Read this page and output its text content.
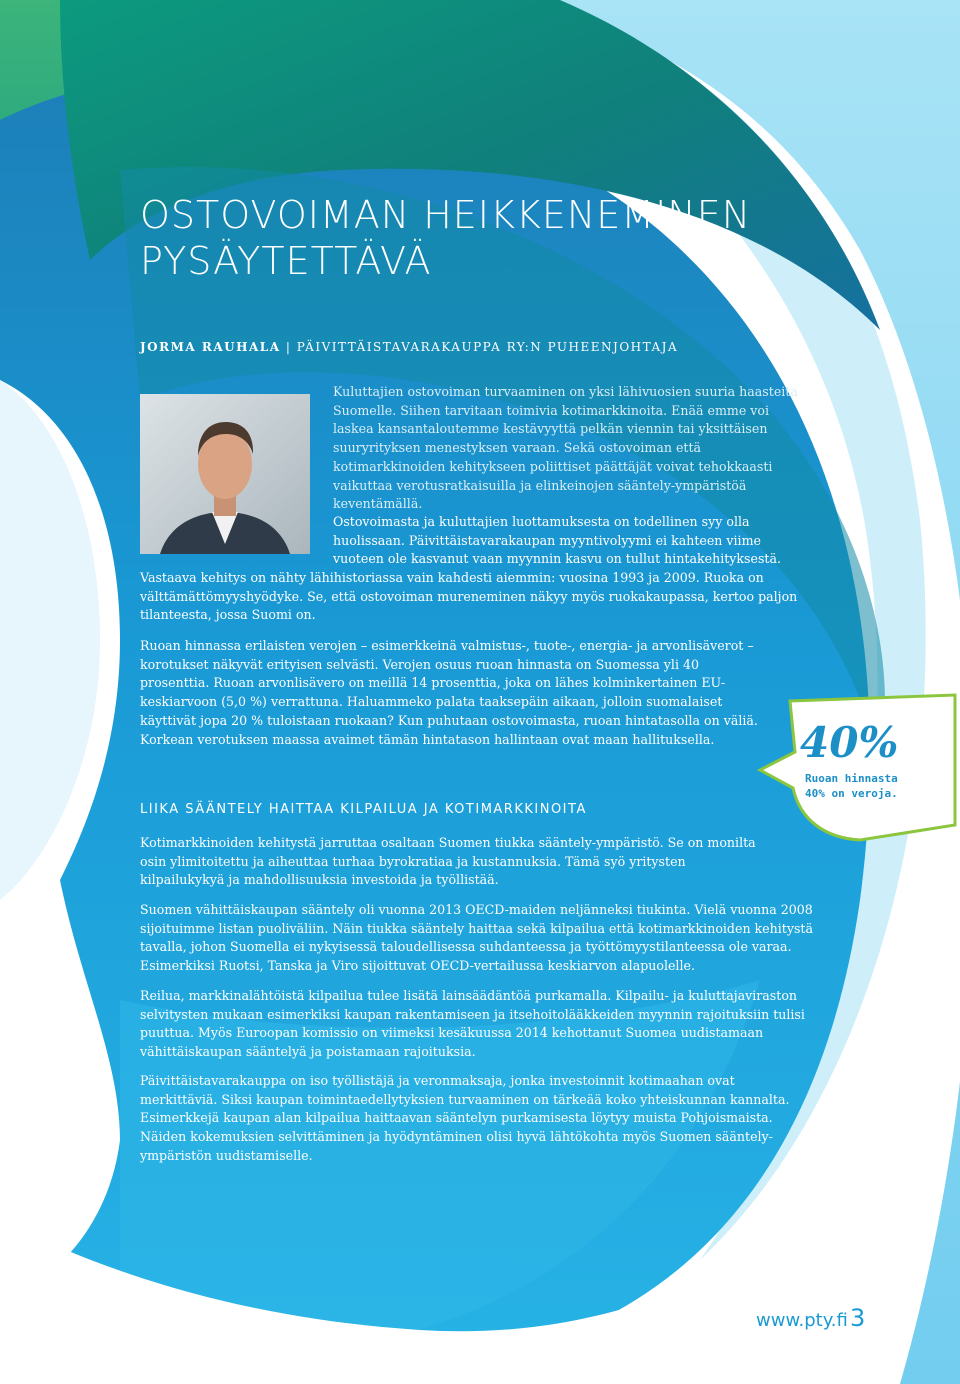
OSTOVOIMAN HEIKKENEMINEN
PYSÄYTETTÄVÄ
JORMA RAUHALA | PÄIVITTÄISTAVARAKAUPPA RY:N PUHEENJOHTAJA

Kuluttajien ostovoiman turvaaminen on yksi lähivuosien suuria haasteita Suomelle. Siihen tarvitaan toimivia kotimarkkinoita. Enää emme voi laskea kansantaloutemme kestävyyttä pelkän viennin tai yksittäisen suuryrityksen menestyksen varaan. Sekä ostovoiman että kotimarkkinoiden kehitykseen poliittiset päättäjät voivat tehokkaasti vaikuttaa verotusratkaisuilla ja elinkeinojen sääntely-ympäristöä keventämällä.

Ostovoimasta ja kuluttajien luottamuksesta on todellinen syy olla huolissaan. Päivittäistavarakaupan myyntivolyymi ei kahteen viime vuoteen ole kasvanut vaan myynnin kasvu on tullut hintakehityksestä.

Vastaava kehitys on nähty lähihistoriassa vain kahdesti aiemmin: vuosina 1993 ja 2009. Ruoka on välttämättömyyshyödyke. Se, että ostovoiman mureneminen näkyy myös ruokakaupassa, kertoo paljon tilanteesta, jossa Suomi on.

Ruoan hinnassa erilaisten verojen – esimerkkeinä valmistus-, tuote-, energia- ja arvonlisäverot – korotukset näkyvät erityisen selvästi. Verojen osuus ruoan hinnasta on Suomessa yli 40 prosenttia. Ruoan arvonlisävero on meillä 14 prosenttia, joka on lähes kolminkertainen EU-keskiarvoon (5,0 %) verrattuna. Haluammeko palata taaksepäin aikaan, jolloin suomalaiset käyttivät jopa 20 % tuloistaan ruokaan? Kun puhutaan ostovoimasta, ruoan hintatasolla on väliä. Korkean verotuksen maassa avaimet tämän hintatason hallintaan ovat maan hallituksella.

LIIKA SÄÄNTELY HAITTAA KILPAILUA JA KOTIMARKKINOITA

Kotimarkkinoiden kehitystä jarruttaa osaltaan Suomen tiukka sääntely-ympäristö. Se on monilta osin ylimitoitettu ja aiheuttaa turhaa byrokratiaa ja kustannuksia. Tämä syö yritysten kilpailukykyä ja mahdollisuuksia investoida ja työllistää.

Suomen vähittäiskaupan sääntely oli vuonna 2013 OECD-maiden neljänneksi tiukinta. Vielä vuonna 2008 sijoituimme listan puoliväliin. Näin tiukka sääntely haittaa sekä kilpailua että kotimarkkinoiden kehitystä tavalla, johon Suomella ei nykyisessä taloudellisessa suhdanteessa ja työttömyystilanteessa ole varaa. Esimerkiksi Ruotsi, Tanska ja Viro sijoittuvat OECD-vertailussa keskiarvon alapuolelle.

Reilua, markkinalähtöistä kilpailua tulee lisätä lainsäädäntöä purkamalla. Kilpailu- ja kuluttajaviraston selvitysten mukaan esimerkiksi kaupan rakentamiseen ja itsehoitolääkkeiden myynnin rajoituksiin tulisi puuttua. Myös Euroopan komissio on viimeksi kesäkuussa 2014 kehottanut Suomea uudistamaan vähittäiskaupan sääntelyä ja poistamaan rajoituksia.

Päivittäistavarakauppa on iso työllistäjä ja veronmaksaja, jonka investoinnit kotimaahan ovat merkittäviä. Siksi kaupan toimintaedellytyksien turvaaminen on tärkeää koko yhteiskunnan kannalta. Esimerkkejä kaupan alan kilpailua haittaavan sääntelyn purkamisesta löytyy muista Pohjoismaista. Näiden kokemuksien selvittäminen ja hyödyntäminen olisi hyvä lähtökohta myös Suomen sääntely-ympäristön uudistamiselle.

40%
Ruoan hinnasta 40% on veroja.
www.pty.fi 3
